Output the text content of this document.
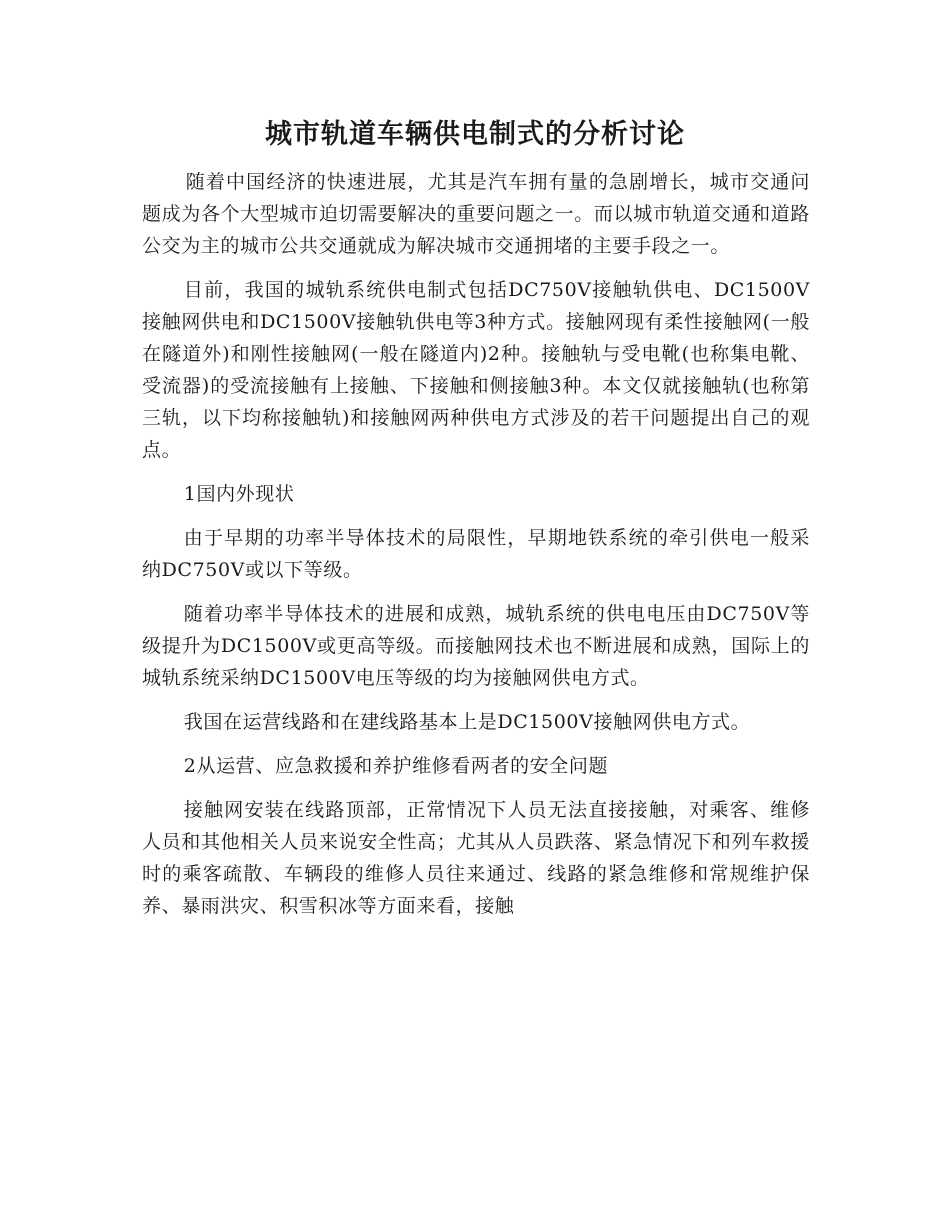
城市轨道车辆供电制式的分析讨论

随着中国经济的快速进展，尤其是汽车拥有量的急剧增长，城市交通问题成为各个大型城市迫切需要解决的重要问题之一。而以城市轨道交通和道路公交为主的城市公共交通就成为解决城市交通拥堵的主要手段之一。

目前，我国的城轨系统供电制式包括DC750V接触轨供电、DC1500V接触网供电和DC1500V接触轨供电等3种方式。接触网现有柔性接触网(一般在隧道外)和刚性接触网(一般在隧道内)2种。接触轨与受电靴(也称集电靴、受流器)的受流接触有上接触、下接触和侧接触3种。本文仅就接触轨(也称第三轨，以下均称接触轨)和接触网两种供电方式涉及的若干问题提出自己的观点。

1国内外现状

由于早期的功率半导体技术的局限性，早期地铁系统的牵引供电一般采纳DC750V或以下等级。

随着功率半导体技术的进展和成熟，城轨系统的供电电压由DC750V等级提升为DC1500V或更高等级。而接触网技术也不断进展和成熟，国际上的城轨系统采纳DC1500V电压等级的均为接触网供电方式。

我国在运营线路和在建线路基本上是DC1500V接触网供电方式。

2从运营、应急救援和养护维修看两者的安全问题

接触网安装在线路顶部，正常情况下人员无法直接接触，对乘客、维修人员和其他相关人员来说安全性高；尤其从人员跌落、紧急情况下和列车救援时的乘客疏散、车辆段的维修人员往来通过、线路的紧急维修和常规维护保养、暴雨洪灾、积雪积冰等方面来看，接触
